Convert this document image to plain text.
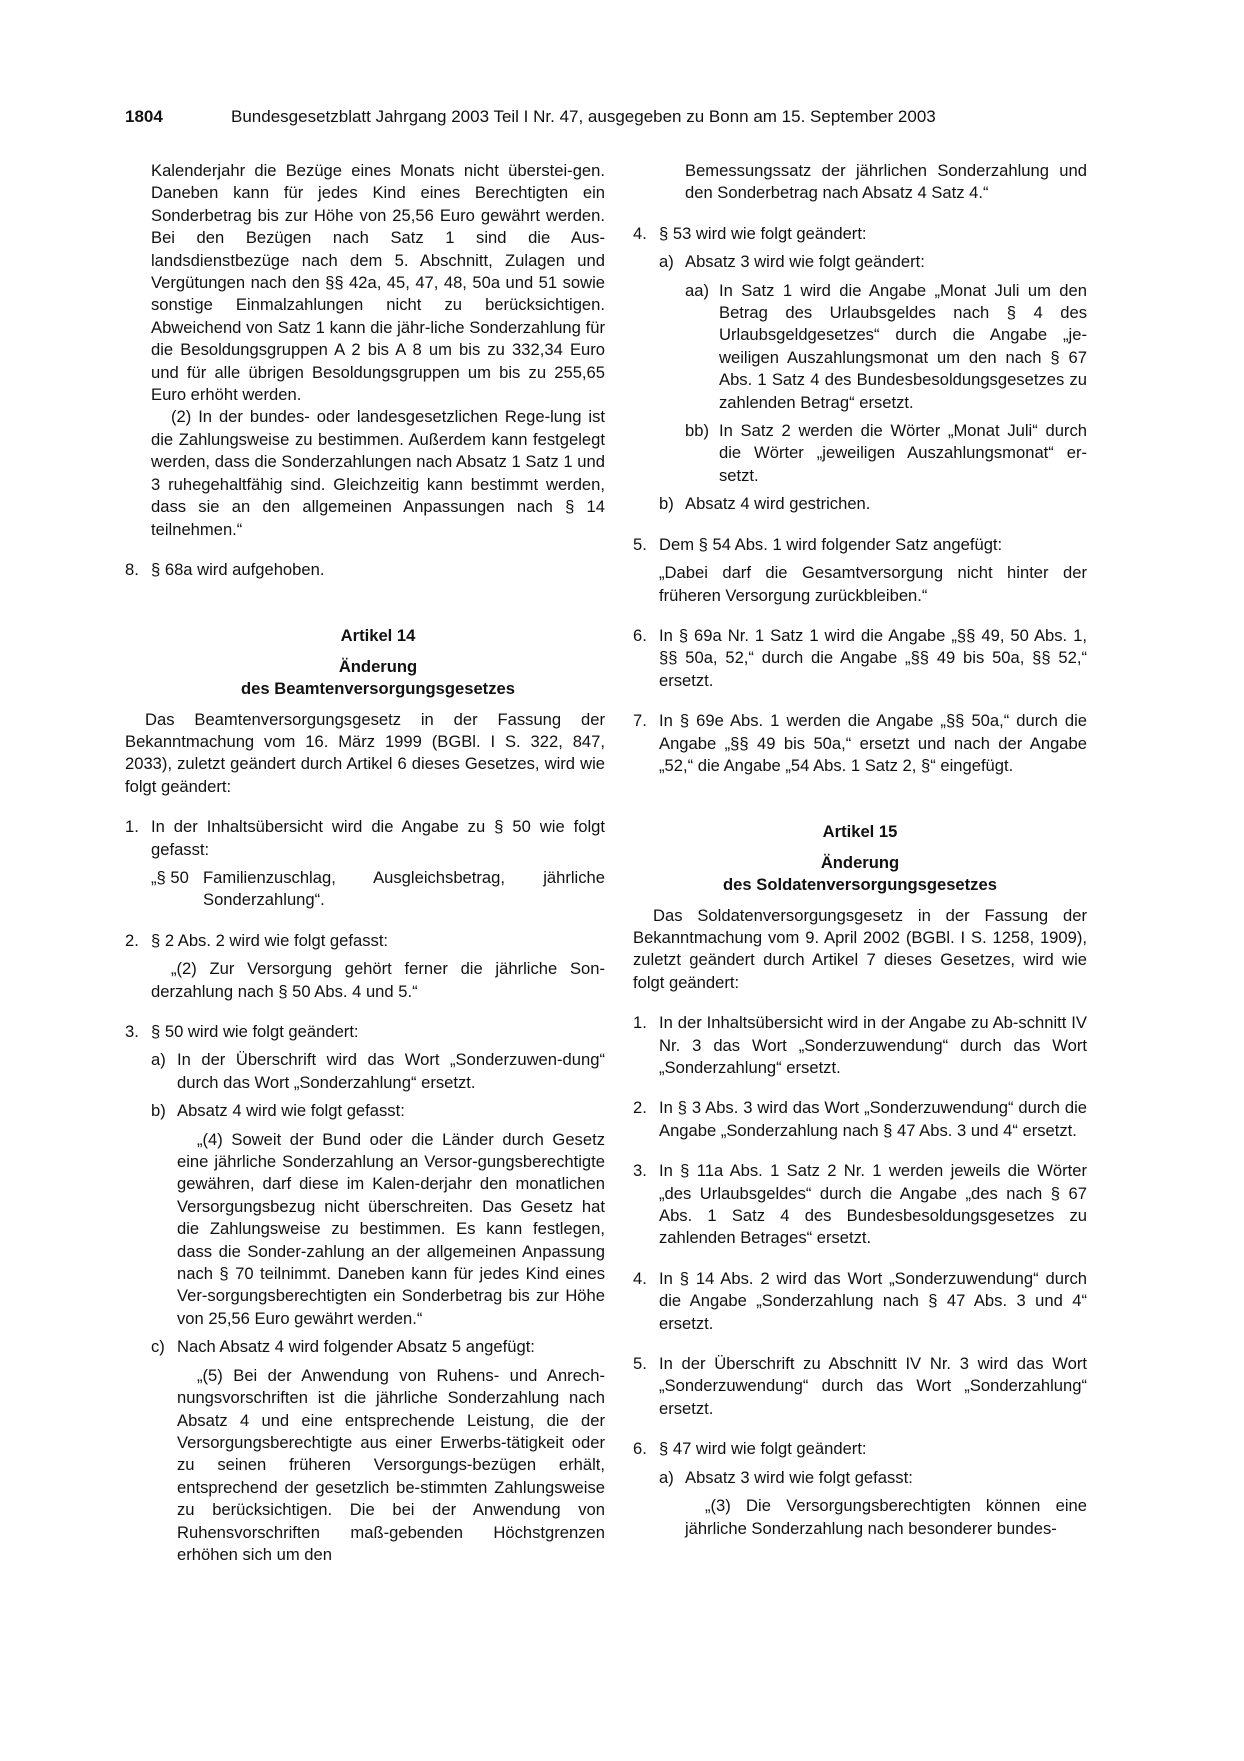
1804	Bundesgesetzblatt Jahrgang 2003 Teil I Nr. 47, ausgegeben zu Bonn am 15. September 2003

Kalenderjahr die Bezüge eines Monats nicht überstei-gen. Daneben kann für jedes Kind eines Berechtigten ein Sonderbetrag bis zur Höhe von 25,56 Euro gewährt werden. Bei den Bezügen nach Satz 1 sind die Aus-landsdienstbezüge nach dem 5. Abschnitt, Zulagen und Vergütungen nach den §§ 42a, 45, 47, 48, 50a und 51 sowie sonstige Einmalzahlungen nicht zu berücksichtigen. Abweichend von Satz 1 kann die jähr-liche Sonderzahlung für die Besoldungsgruppen A 2 bis A 8 um bis zu 332,34 Euro und für alle übrigen Besoldungsgruppen um bis zu 255,65 Euro erhöht werden.

(2) In der bundes- oder landesgesetzlichen Rege-lung ist die Zahlungsweise zu bestimmen. Außerdem kann festgelegt werden, dass die Sonderzahlungen nach Absatz 1 Satz 1 und 3 ruhegehaltfähig sind. Gleichzeitig kann bestimmt werden, dass sie an den allgemeinen Anpassungen nach § 14 teilnehmen.“

8. § 68a wird aufgehoben.

Artikel 14

Änderung

des Beamtenversorgungsgesetzes

Das Beamtenversorgungsgesetz in der Fassung der Bekanntmachung vom 16. März 1999 (BGBl. I S. 322, 847, 2033), zuletzt geändert durch Artikel 6 dieses Gesetzes, wird wie folgt geändert:

1. In der Inhaltsübersicht wird die Angabe zu § 50 wie folgt gefasst:
„§ 50 Familienzuschlag, Ausgleichsbetrag, jährliche Sonderzahlung“.
2. § 2 Abs. 2 wird wie folgt gefasst:

„(2) Zur Versorgung gehört ferner die jährliche Son-derzahlung nach § 50 Abs. 4 und 5.“

3. § 50 wird wie folgt geändert:
a) In der Überschrift wird das Wort „Sonderzuwen-dung“ durch das Wort „Sonderzahlung“ ersetzt.
b) Absatz 4 wird wie folgt gefasst:

„(4) Soweit der Bund oder die Länder durch Gesetz eine jährliche Sonderzahlung an Versor-gungsberechtigte gewähren, darf diese im Kalen-derjahr den monatlichen Versorgungsbezug nicht überschreiten. Das Gesetz hat die Zahlungsweise zu bestimmen. Es kann festlegen, dass die Sonder-zahlung an der allgemeinen Anpassung nach § 70 teilnimmt. Daneben kann für jedes Kind eines Ver-sorgungsberechtigten ein Sonderbetrag bis zur Höhe von 25,56 Euro gewährt werden.“

c) Nach Absatz 4 wird folgender Absatz 5 angefügt:

„(5) Bei der Anwendung von Ruhens- und Anrech-nungsvorschriften ist die jährliche Sonderzahlung nach Absatz 4 und eine entsprechende Leistung, die der Versorgungsberechtigte aus einer Erwerbs-tätigkeit oder zu seinen früheren Versorgungs-bezügen erhält, entsprechend der gesetzlich be-stimmten Zahlungsweise zu berücksichtigen. Die bei der Anwendung von Ruhensvorschriften maß-gebenden Höchstgrenzen erhöhen sich um den

Bemessungssatz der jährlichen Sonderzahlung und den Sonderbetrag nach Absatz 4 Satz 4.“

4. § 53 wird wie folgt geändert:
a) Absatz 3 wird wie folgt geändert:
aa) In Satz 1 wird die Angabe „Monat Juli um den Betrag des Urlaubsgeldes nach § 4 des Urlaubsgeldgesetzes“ durch die Angabe „je-weiligen Auszahlungsmonat um den nach § 67 Abs. 1 Satz 4 des Bundesbesoldungsgesetzes zu zahlenden Betrag“ ersetzt.
bb) In Satz 2 werden die Wörter „Monat Juli“ durch die Wörter „jeweiligen Auszahlungsmonat“ er-setzt.
b) Absatz 4 wird gestrichen.
5. Dem § 54 Abs. 1 wird folgender Satz angefügt:

„Dabei darf die Gesamtversorgung nicht hinter der früheren Versorgung zurückbleiben.“

6. In § 69a Nr. 1 Satz 1 wird die Angabe „§§ 49, 50 Abs. 1, §§ 50a, 52,“ durch die Angabe „§§ 49 bis 50a, §§ 52,“ ersetzt.
7. In § 69e Abs. 1 werden die Angabe „§§ 50a,“ durch die Angabe „§§ 49 bis 50a,“ ersetzt und nach der Angabe „52,“ die Angabe „54 Abs. 1 Satz 2, §“ eingefügt.

Artikel 15

Änderung

des Soldatenversorgungsgesetzes

Das Soldatenversorgungsgesetz in der Fassung der Bekanntmachung vom 9. April 2002 (BGBl. I S. 1258, 1909), zuletzt geändert durch Artikel 7 dieses Gesetzes, wird wie folgt geändert:

1. In der Inhaltsübersicht wird in der Angabe zu Ab-schnitt IV Nr. 3 das Wort „Sonderzuwendung“ durch das Wort „Sonderzahlung“ ersetzt.
2. In § 3 Abs. 3 wird das Wort „Sonderzuwendung“ durch die Angabe „Sonderzahlung nach § 47 Abs. 3 und 4“ ersetzt.
3. In § 11a Abs. 1 Satz 2 Nr. 1 werden jeweils die Wörter „des Urlaubsgeldes“ durch die Angabe „des nach § 67 Abs. 1 Satz 4 des Bundesbesoldungsgesetzes zu zahlenden Betrages“ ersetzt.
4. In § 14 Abs. 2 wird das Wort „Sonderzuwendung“ durch die Angabe „Sonderzahlung nach § 47 Abs. 3 und 4“ ersetzt.
5. In der Überschrift zu Abschnitt IV Nr. 3 wird das Wort „Sonderzuwendung“ durch das Wort „Sonderzahlung“ ersetzt.
6. § 47 wird wie folgt geändert:
a) Absatz 3 wird wie folgt gefasst:

„(3) Die Versorgungsberechtigten können eine jährliche Sonderzahlung nach besonderer bundes-
